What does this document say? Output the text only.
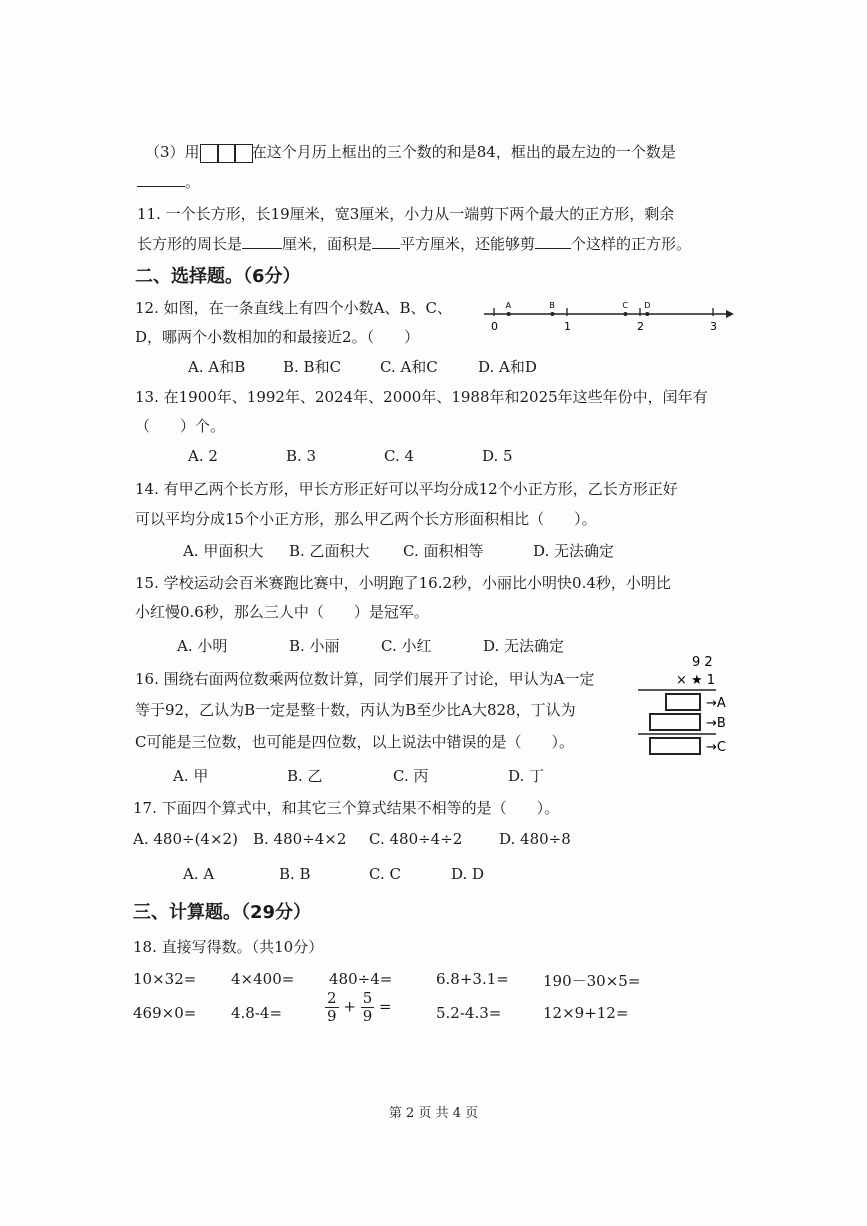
（3）用	在这个月历上框出的三个数的和是84，框出的最左边的一个数是
。
11. 一个长方形，长19厘米，宽3厘米，小力从一端剪下两个最大的正方形，剩余
长方形的周长是	厘米，面积是 平方厘米，还能够剪 个这样的正方形。
二、选择题。（6分）
12. 如图，在一条直线上有四个小数A、B、C、
D，哪两个小数相加的和最接近2。（　　）
0	1	2	3
A	B	C D
A. A和B	B. B和C	C. A和C	D. A和D
13. 在1900年、1992年、2024年、2000年、1988年和2025年这些年份中，闰年有
（　　）个。
A. 2	B. 3	C. 4	D. 5
14. 有甲乙两个长方形，甲长方形正好可以平均分成12个小正方形，乙长方形正好
可以平均分成15个小正方形，那么甲乙两个长方形面积相比（　　）。
A. 甲面积大 B. 乙面积大 C. 面积相等	D. 无法确定
15. 学校运动会百米赛跑比赛中，小明跑了16.2秒，小丽比小明快0.4秒，小明比
小红慢0.6秒，那么三人中（　　）是冠军。
A. 小明	B. 小丽	C. 小红	D. 无法确定
16. 围绕右面两位数乘两位数计算，同学们展开了讨论，甲认为A一定
等于92，乙认为B一定是整十数，丙认为B至少比A大828，丁认为
C可能是三位数，也可能是四位数，以上说法中错误的是（　　）。
A. 甲	B. 乙	C. 丙	D. 丁
9 2
× ★ 1
→A
→B
→C
17. 下面四个算式中，和其它三个算式结果不相等的是（　　）。
A. 480÷(4×2) B. 480÷4×2 C. 480÷4÷2 D. 480÷8
A. A	B. B	C. C	D. D
三、计算题。（29分）
18. 直接写得数。（共10分）
10×32= 4×400= 480÷4=	6.8+3.1= 190－30×5=
469×0= 4.8-4=	$\frac{2}{9} + \frac{5}{9}$ =	5.2-4.3=	12×9+12=
第 2 页 共 4 页
